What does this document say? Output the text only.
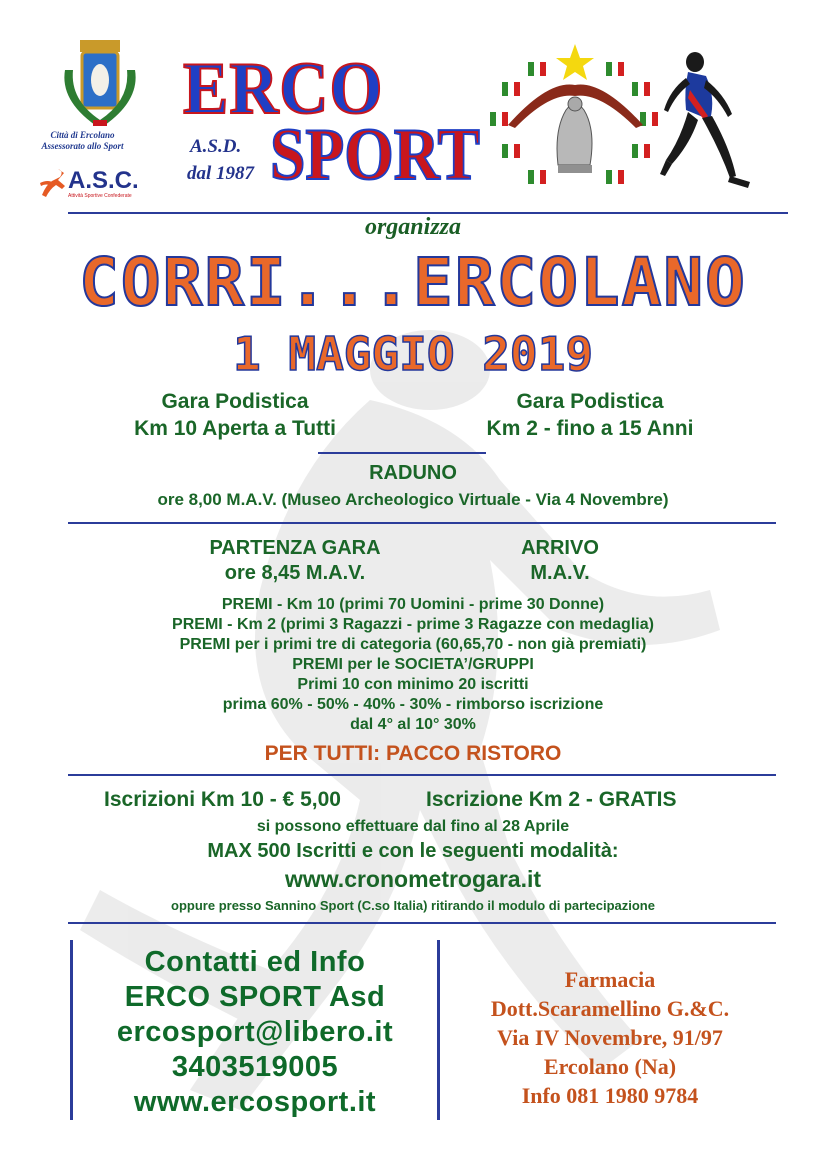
Città di Ercolano
Assessorato allo Sport
A.S.C.
Attività Sportive Confederate
ERCO
SPORT
A.S.D.
dal 1987
organizza
CORRI...ERCOLANO
1 MAGGIO 2019
Gara Podistica
Km 10 Aperta a Tutti
Gara Podistica
Km 2 - fino a 15 Anni
RADUNO
ore 8,00 M.A.V. (Museo Archeologico Virtuale - Via 4 Novembre)
PARTENZA GARA
ore 8,45 M.A.V.
ARRIVO
M.A.V.
PREMI - Km 10 (primi 70 Uomini - prime 30 Donne)
PREMI - Km 2 (primi 3 Ragazzi - prime 3 Ragazze con medaglia)
PREMI per i primi tre di categoria (60,65,70 - non già premiati)
PREMI per le SOCIETA’/GRUPPI
Primi 10 con minimo 20 iscritti
prima 60% - 50% - 40% - 30% - rimborso iscrizione
dal 4° al 10° 30%
PER TUTTI: PACCO RISTORO
Iscrizioni Km 10 - € 5,00	Iscrizione Km 2 - GRATIS
si possono effettuare dal fino al 28 Aprile
MAX 500 Iscritti e con le seguenti modalità:
www.cronometrogara.it
oppure presso Sannino Sport (C.so Italia) ritirando il modulo di partecipazione
Contatti ed Info
ERCO SPORT Asd
ercosport@libero.it
3403519005
www.ercosport.it
Farmacia
Dott.Scaramellino G.&C.
Via IV Novembre, 91/97
Ercolano (Na)
Info 081 1980 9784
